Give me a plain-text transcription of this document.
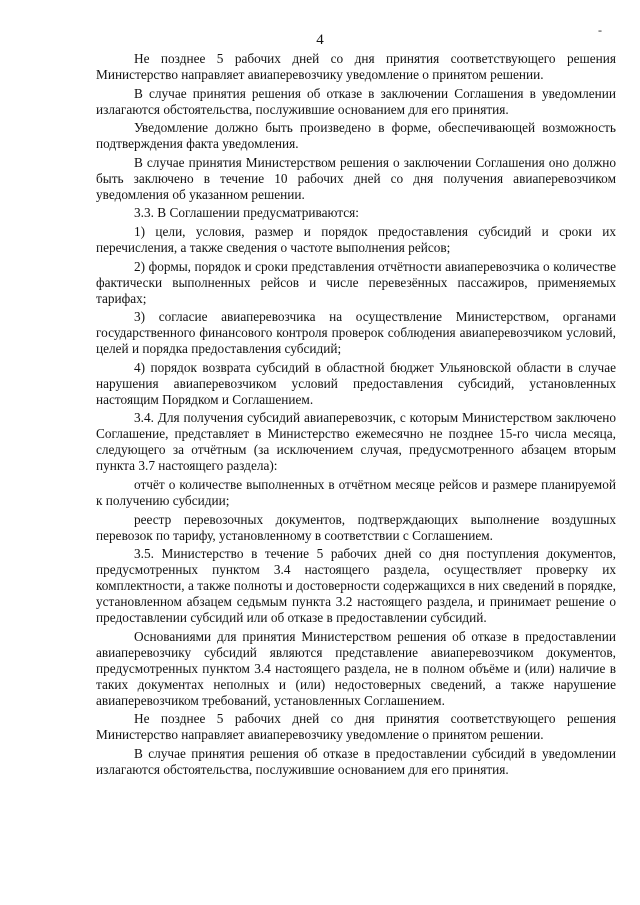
-
4

Не позднее 5 рабочих дней со дня принятия соответствующего решения Министерство направляет авиаперевозчику уведомление о принятом решении.

В случае принятия решения об отказе в заключении Соглашения в уведомлении излагаются обстоятельства, послужившие основанием для его принятия.

Уведомление должно быть произведено в форме, обеспечивающей возможность подтверждения факта уведомления.

В случае принятия Министерством решения о заключении Соглашения оно должно быть заключено в течение 10 рабочих дней со дня получения авиаперевозчиком уведомления об указанном решении.

3.3. В Соглашении предусматриваются:

1) цели, условия, размер и порядок предоставления субсидий и сроки их перечисления, а также сведения о частоте выполнения рейсов;

2) формы, порядок и сроки представления отчётности авиаперевозчика о количестве фактически выполненных рейсов и числе перевезённых пассажиров, применяемых тарифах;

3) согласие авиаперевозчика на осуществление Министерством, органами государственного финансового контроля проверок соблюдения авиаперевозчиком условий, целей и порядка предоставления субсидий;

4) порядок возврата субсидий в областной бюджет Ульяновской области в случае нарушения авиаперевозчиком условий предоставления субсидий, установленных настоящим Порядком и Соглашением.

3.4. Для получения субсидий авиаперевозчик, с которым Министерством заключено Соглашение, представляет в Министерство ежемесячно не позднее 15-го числа месяца, следующего за отчётным (за исключением случая, предусмотренного абзацем вторым пункта 3.7 настоящего раздела):

отчёт о количестве выполненных в отчётном месяце рейсов и размере планируемой к получению субсидии;

реестр перевозочных документов, подтверждающих выполнение воздушных перевозок по тарифу, установленному в соответствии с Соглашением.

3.5. Министерство в течение 5 рабочих дней со дня поступления документов, предусмотренных пунктом 3.4 настоящего раздела, осуществляет проверку их комплектности, а также полноты и достоверности содержащихся в них сведений в порядке, установленном абзацем седьмым пункта 3.2 настоящего раздела, и принимает решение о предоставлении субсидий или об отказе в предоставлении субсидий.

Основаниями для принятия Министерством решения об отказе в предоставлении авиаперевозчику субсидий являются представление авиаперевозчиком документов, предусмотренных пунктом 3.4 настоящего раздела, не в полном объёме и (или) наличие в таких документах неполных и (или) недостоверных сведений, а также нарушение авиаперевозчиком требований, установленных Соглашением.

Не позднее 5 рабочих дней со дня принятия соответствующего решения Министерство направляет авиаперевозчику уведомление о принятом решении.

В случае принятия решения об отказе в предоставлении субсидий в уведомлении излагаются обстоятельства, послужившие основанием для его принятия.
